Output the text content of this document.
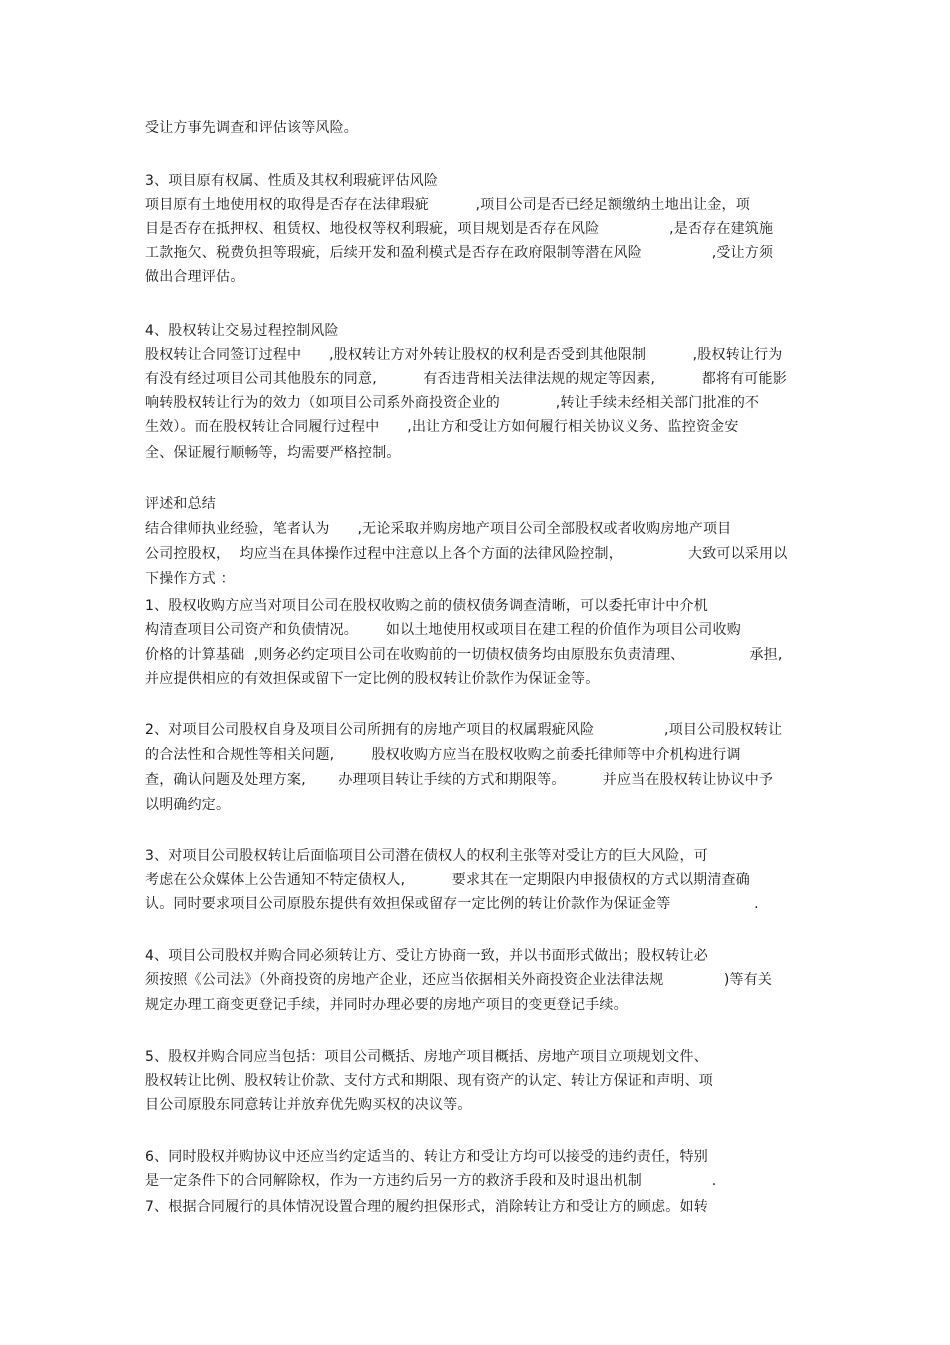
受让方事先调查和评估该等风险。
3、项目原有权属、性质及其权利瑕疵评估风险
项目原有土地使用权的取得是否存在法律瑕疵          ,项目公司是否已经足额缴纳土地出让金，项
目是否存在抵押权、租赁权、地役权等权利瑕疵，项目规划是否存在风险               ,是否存在建筑施
工款拖欠、税费负担等瑕疵，后续开发和盈利模式是否存在政府限制等潜在风险               ,受让方须
做出合理评估。
4、股权转让交易过程控制风险
股权转让合同签订过程中      ,股权转让方对外转让股权的权利是否受到其他限制          ,股权转让行为
有没有经过项目公司其他股东的同意,          有否违背相关法律法规的规定等因素,          都将有可能影
响转股权转让行为的效力（如项目公司系外商投资企业的            ,转让手续未经相关部门批准的不
生效）。而在股权转让合同履行过程中      ,出让方和受让方如何履行相关协议义务、监控资金安
全、保证履行顺畅等，均需要严格控制。
评述和总结
结合律师执业经验，笔者认为      ,无论采取并购房地产项目公司全部股权或者收购房地产项目
公司控股权，  均应当在具体操作过程中注意以上各个方面的法律风险控制，              大致可以采用以
下操作方式 ：
1、股权收购方应当对项目公司在股权收购之前的债权债务调查清晰，可以委托审计中介机
构清查项目公司资产和负债情况。      如以土地使用权或项目在建工程的价值作为项目公司收购
价格的计算基础  ,则务必约定项目公司在收购前的一切债权债务均由原股东负责清理、              承担,
并应提供相应的有效担保或留下一定比例的股权转让价款作为保证金等。
2、对项目公司股权自身及项目公司所拥有的房地产项目的权属瑕疵风险               ,项目公司股权转让
的合法性和合规性等相关问题,        股权收购方应当在股权收购之前委托律师等中介机构进行调
查，确认问题及处理方案,       办理项目转让手续的方式和期限等。        并应当在股权转让协议中予
以明确约定。
3、对项目公司股权转让后面临项目公司潜在债权人的权利主张等对受让方的巨大风险，可
考虑在公众媒体上公告通知不特定债权人,          要求其在一定期限内申报债权的方式以期清查确
认。同时要求项目公司原股东提供有效担保或留存一定比例的转让价款作为保证金等                  .
4、项目公司股权并购合同必须转让方、受让方协商一致，并以书面形式做出；股权转让必
须按照《公司法》（外商投资的房地产企业，还应当依据相关外商投资企业法律法规             )等有关
规定办理工商变更登记手续，并同时办理必要的房地产项目的变更登记手续。
5、股权并购合同应当包括：项目公司概括、房地产项目概括、房地产项目立项规划文件、
股权转让比例、股权转让价款、支付方式和期限、现有资产的认定、转让方保证和声明、项
目公司原股东同意转让并放弃优先购买权的决议等。
6、同时股权并购协议中还应当约定适当的、转让方和受让方均可以接受的违约责任，特别
是一定条件下的合同解除权，作为一方违约后另一方的救济手段和及时退出机制               .
7、根据合同履行的具体情况设置合理的履约担保形式，消除转让方和受让方的顾虑。如转
